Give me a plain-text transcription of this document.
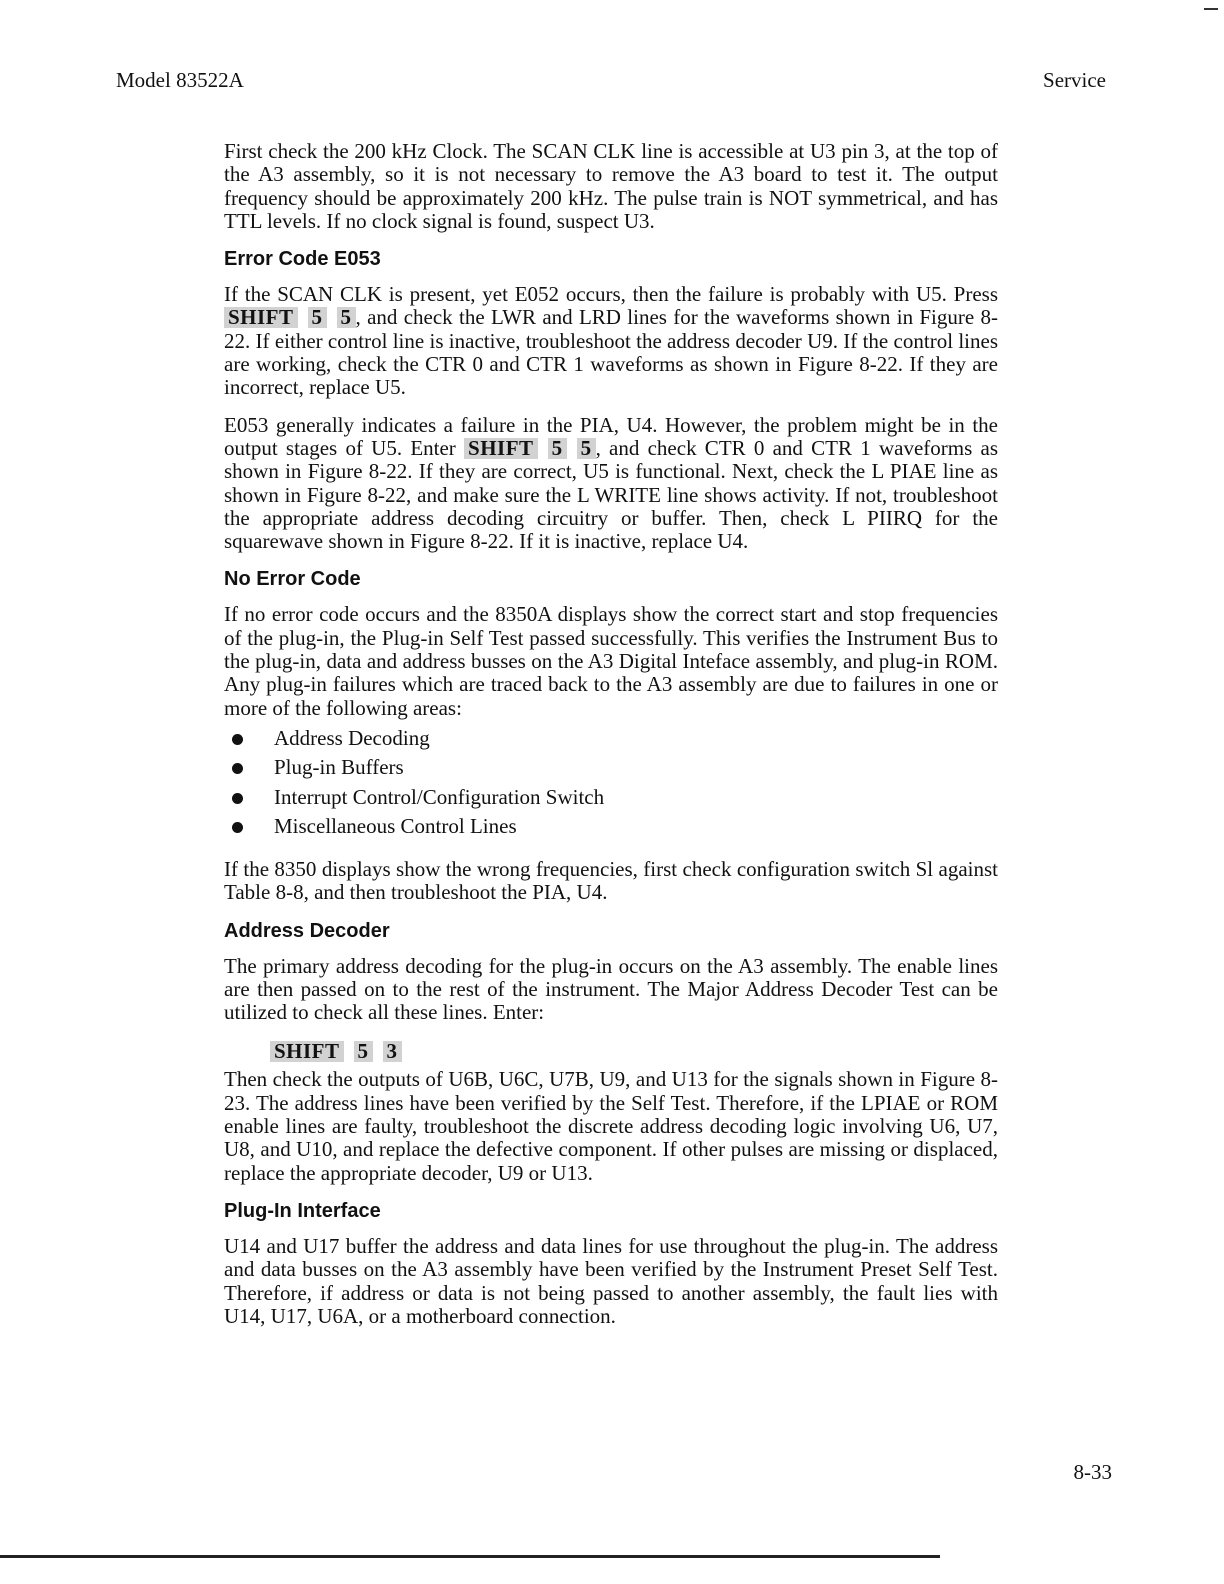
Model 83522A	Service

First check the 200 kHz Clock. The SCAN CLK line is accessible at U3 pin 3, at the top of the A3 assembly, so it is not necessary to remove the A3 board to test it. The output frequency should be approximately 200 kHz. The pulse train is NOT symmetrical, and has TTL levels. If no clock signal is found, suspect U3.

Error Code E053

If the SCAN CLK is present, yet E052 occurs, then the failure is probably with U5. Press SHIFT 5 5 , and check the LWR and LRD lines for the waveforms shown in Figure 8-22. If either control line is inactive, troubleshoot the address decoder U9. If the control lines are working, check the CTR 0 and CTR 1 waveforms as shown in Figure 8-22. If they are incorrect, replace U5.

E053 generally indicates a failure in the PIA, U4. However, the problem might be in the output stages of U5. Enter SHIFT 5 5 , and check CTR 0 and CTR 1 waveforms as shown in Figure 8-22. If they are correct, U5 is functional. Next, check the L PIAE line as shown in Figure 8-22, and make sure the L WRITE line shows activity. If not, troubleshoot the appropriate address decoding circuitry or buffer. Then, check L PIIRQ for the squarewave shown in Figure 8-22. If it is inactive, replace U4.

No Error Code

If no error code occurs and the 8350A displays show the correct start and stop frequencies of the plug-in, the Plug-in Self Test passed successfully. This verifies the Instrument Bus to the plug-in, data and address busses on the A3 Digital Inteface assembly, and plug-in ROM. Any plug-in failures which are traced back to the A3 assembly are due to failures in one or more of the following areas:

Address Decoding
Plug-in Buffers
Interrupt Control/Configuration Switch
Miscellaneous Control Lines

If the 8350 displays show the wrong frequencies, first check configuration switch Sl against Table 8-8, and then troubleshoot the PIA, U4.

Address Decoder

The primary address decoding for the plug-in occurs on the A3 assembly. The enable lines are then passed on to the rest of the instrument. The Major Address Decoder Test can be utilized to check all these lines. Enter:

SHIFT 5 3

Then check the outputs of U6B, U6C, U7B, U9, and U13 for the signals shown in Figure 8-23. The address lines have been verified by the Self Test. Therefore, if the LPIAE or ROM enable lines are faulty, troubleshoot the discrete address decoding logic involving U6, U7, U8, and U10, and replace the defective component. If other pulses are missing or displaced, replace the appropriate decoder, U9 or U13.

Plug-In Interface

U14 and U17 buffer the address and data lines for use throughout the plug-in. The address and data busses on the A3 assembly have been verified by the Instrument Preset Self Test. Therefore, if address or data is not being passed to another assembly, the fault lies with U14, U17, U6A, or a motherboard connection.

8-33
